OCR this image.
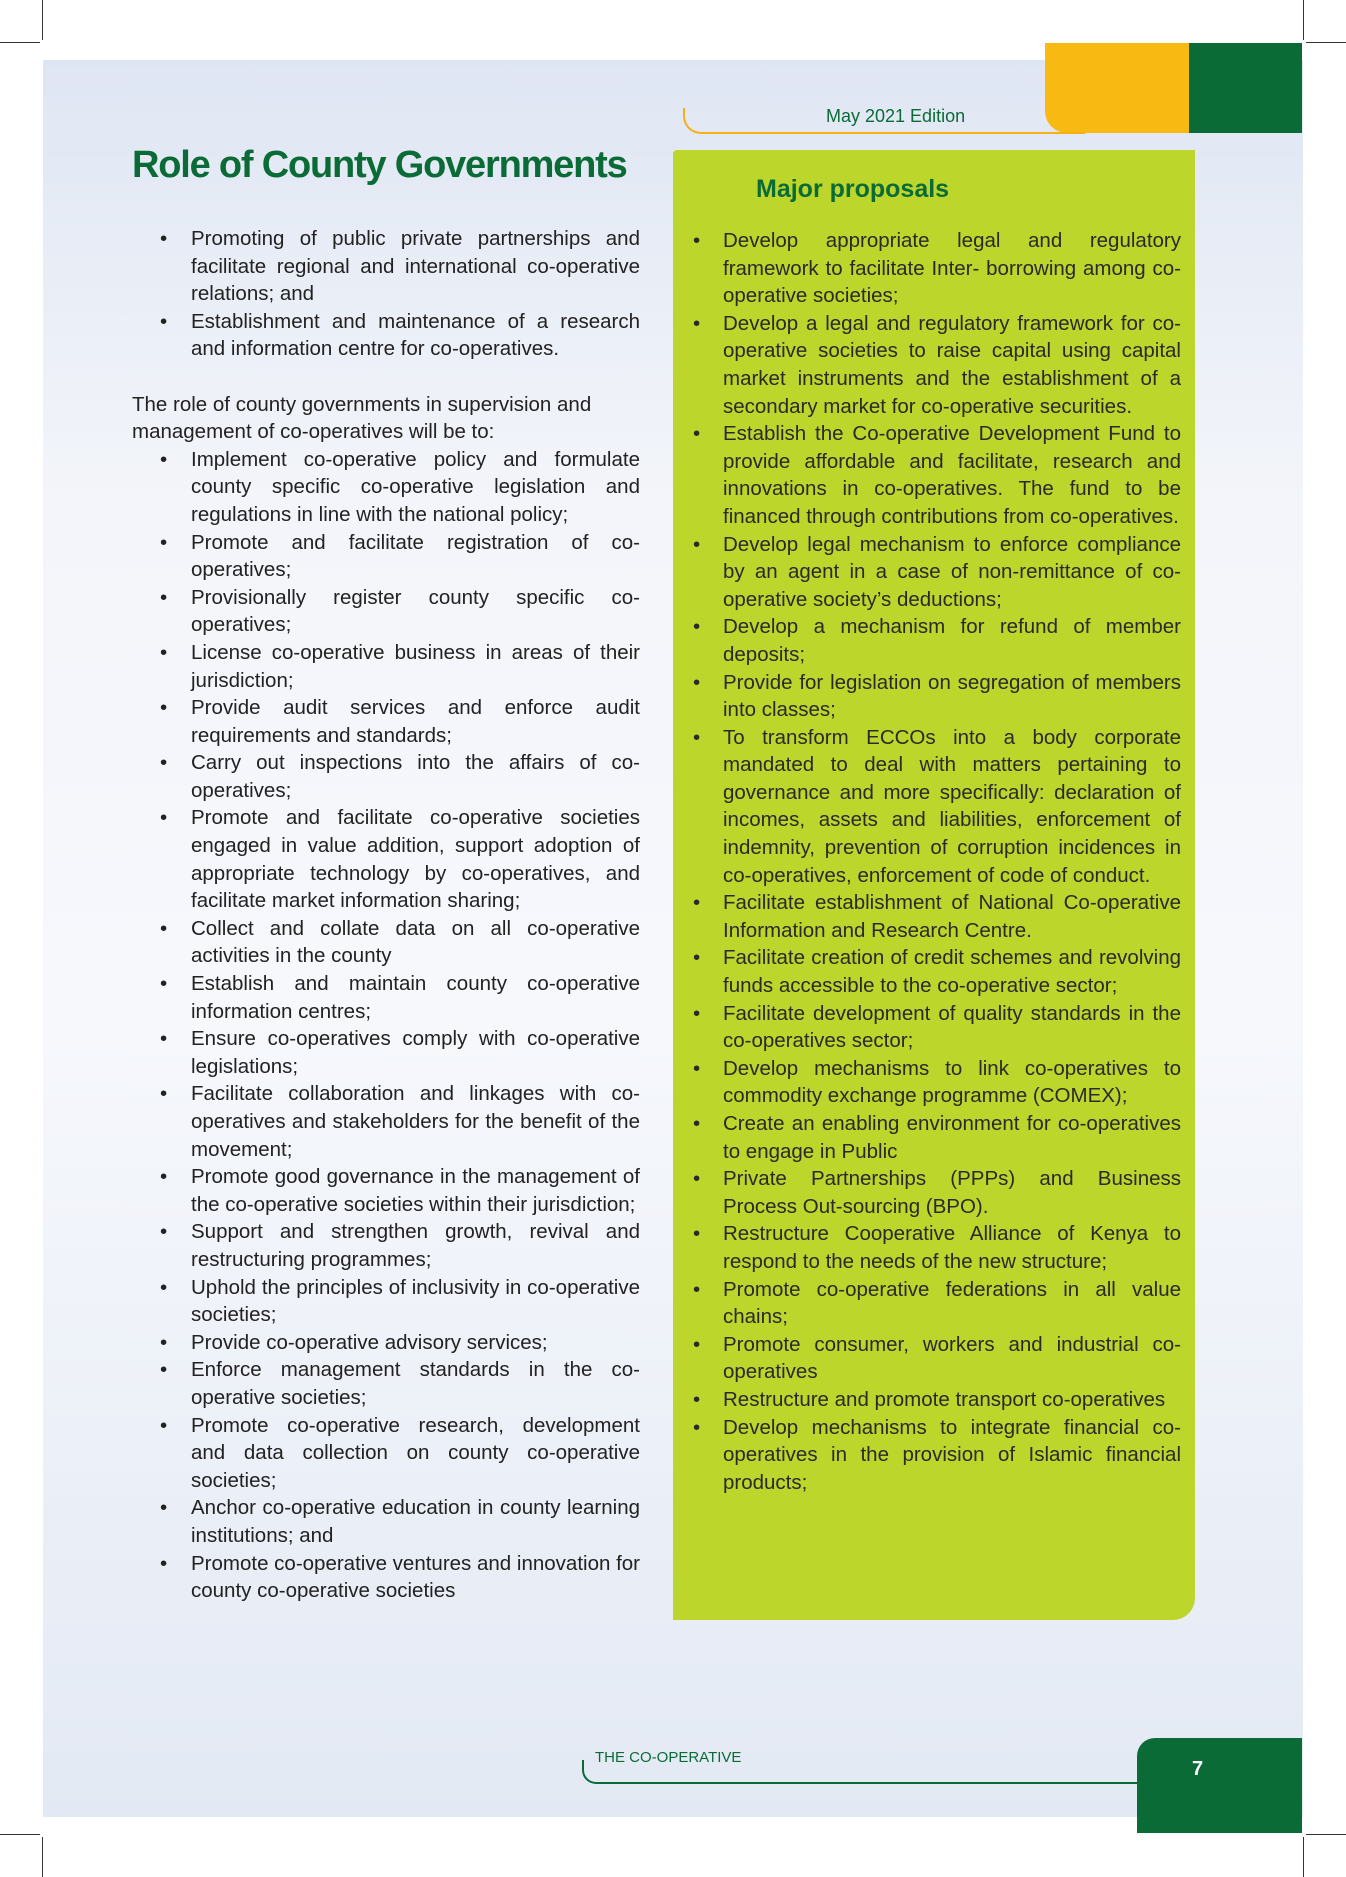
May 2021 Edition
Role of County Governments
• Promoting of public private partnerships and facilitate regional and international co-operative relations; and
• Establishment and maintenance of a research and information centre for co-operatives.

The role of county governments in supervision and management of co-operatives will be to:

• Implement co-operative policy and formulate county specific co-operative legislation and regulations in line with the national policy;
• Promote and facilitate registration of co-operatives;
• Provisionally register county specific co-operatives;
• License co-operative business in areas of their jurisdiction;
• Provide audit services and enforce audit requirements and standards;
• Carry out inspections into the affairs of co-operatives;
• Promote and facilitate co-operative societies engaged in value addition, support adoption of appropriate technology by co-operatives, and facilitate market information sharing;
• Collect and collate data on all co-operative activities in the county
• Establish and maintain county co-operative information centres;
• Ensure co-operatives comply with co-operative legislations;
• Facilitate collaboration and linkages with co-operatives and stakeholders for the benefit of the movement;
• Promote good governance in the management of the co-operative societies within their jurisdiction;
• Support and strengthen growth, revival and restructuring programmes;
• Uphold the principles of inclusivity in co-operative societies;
• Provide co-operative advisory services;
• Enforce management standards in the co-operative societies;
• Promote co-operative research, development and data collection on county co-operative societies;
• Anchor co-operative education in county learning institutions; and
• Promote co-operative ventures and innovation for county co-operative societies
Major proposals
• Develop appropriate legal and regulatory framework to facilitate Inter- borrowing among co-operative societies;
• Develop a legal and regulatory framework for co-operative societies to raise capital using capital market instruments and the establishment of a secondary market for co-operative securities.
• Establish the Co-operative Development Fund to provide affordable and facilitate, research and innovations in co-operatives. The fund to be financed through contributions from co-operatives.
• Develop legal mechanism to enforce compliance by an agent in a case of non-remittance of co-operative society’s deductions;
• Develop a mechanism for refund of member deposits;
• Provide for legislation on segregation of members into classes;
• To transform ECCOs into a body corporate mandated to deal with matters pertaining to governance and more specifically: declaration of incomes, assets and liabilities, enforcement of indemnity, prevention of corruption incidences in co-operatives, enforcement of code of conduct.
• Facilitate establishment of National Co-operative Information and Research Centre.
• Facilitate creation of credit schemes and revolving funds accessible to the co-operative sector;
• Facilitate development of quality standards in the co-operatives sector;
• Develop mechanisms to link co-operatives to commodity exchange programme (COMEX);
• Create an enabling environment for co-operatives to engage in Public
• Private Partnerships (PPPs) and Business Process Out-sourcing (BPO).
• Restructure Cooperative Alliance of Kenya to respond to the needs of the new structure;
• Promote co-operative federations in all value chains;
• Promote consumer, workers and industrial co-operatives
• Restructure and promote transport co-operatives
• Develop mechanisms to integrate financial co-operatives in the provision of Islamic financial products;
THE CO-OPERATIVE
7
